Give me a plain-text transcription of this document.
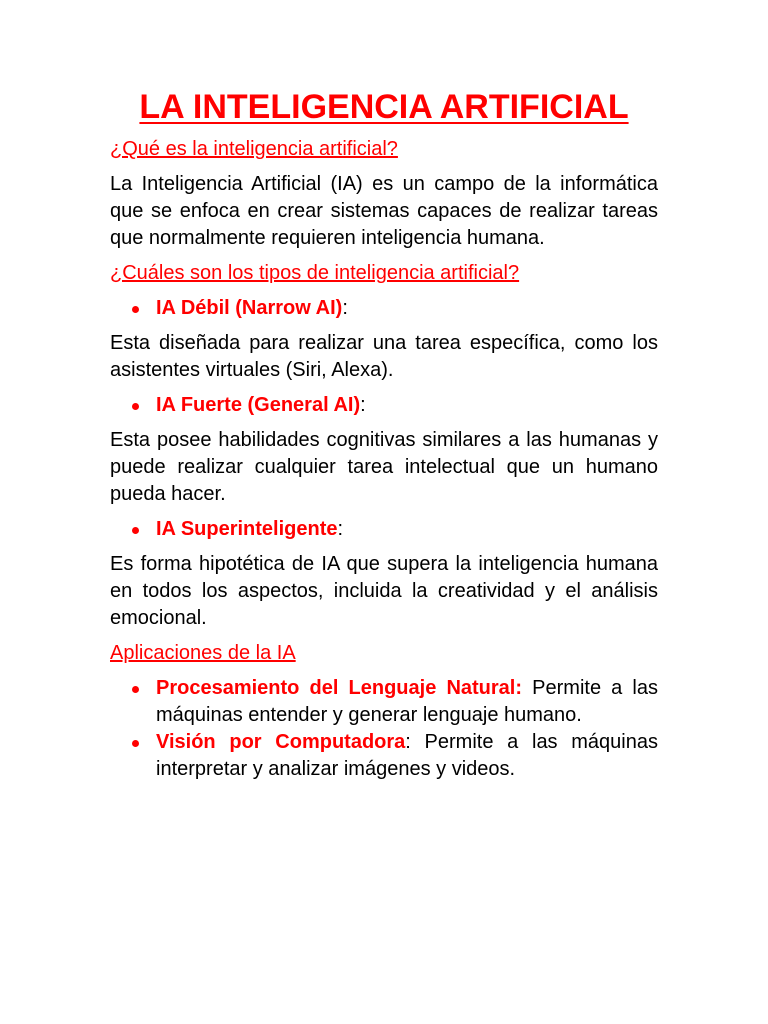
LA INTELIGENCIA ARTIFICIAL
¿Qué es la inteligencia artificial?

La Inteligencia Artificial (IA) es un campo de la informática que se enfoca en crear sistemas capaces de realizar tareas que normalmente requieren inteligencia humana.

¿Cuáles son los tipos de inteligencia artificial?
IA Débil (Narrow AI):

Esta diseñada para realizar una tarea específica, como los asistentes virtuales (Siri, Alexa).

IA Fuerte (General AI):

Esta posee habilidades cognitivas similares a las humanas y puede realizar cualquier tarea intelectual que un humano pueda hacer.

IA Superinteligente:

Es forma hipotética de IA que supera la inteligencia humana en todos los aspectos, incluida la creatividad y el análisis emocional.

Aplicaciones de la IA
Procesamiento del Lenguaje Natural: Permite a las máquinas entender y generar lenguaje humano.
Visión por Computadora: Permite a las máquinas interpretar y analizar imágenes y videos.
